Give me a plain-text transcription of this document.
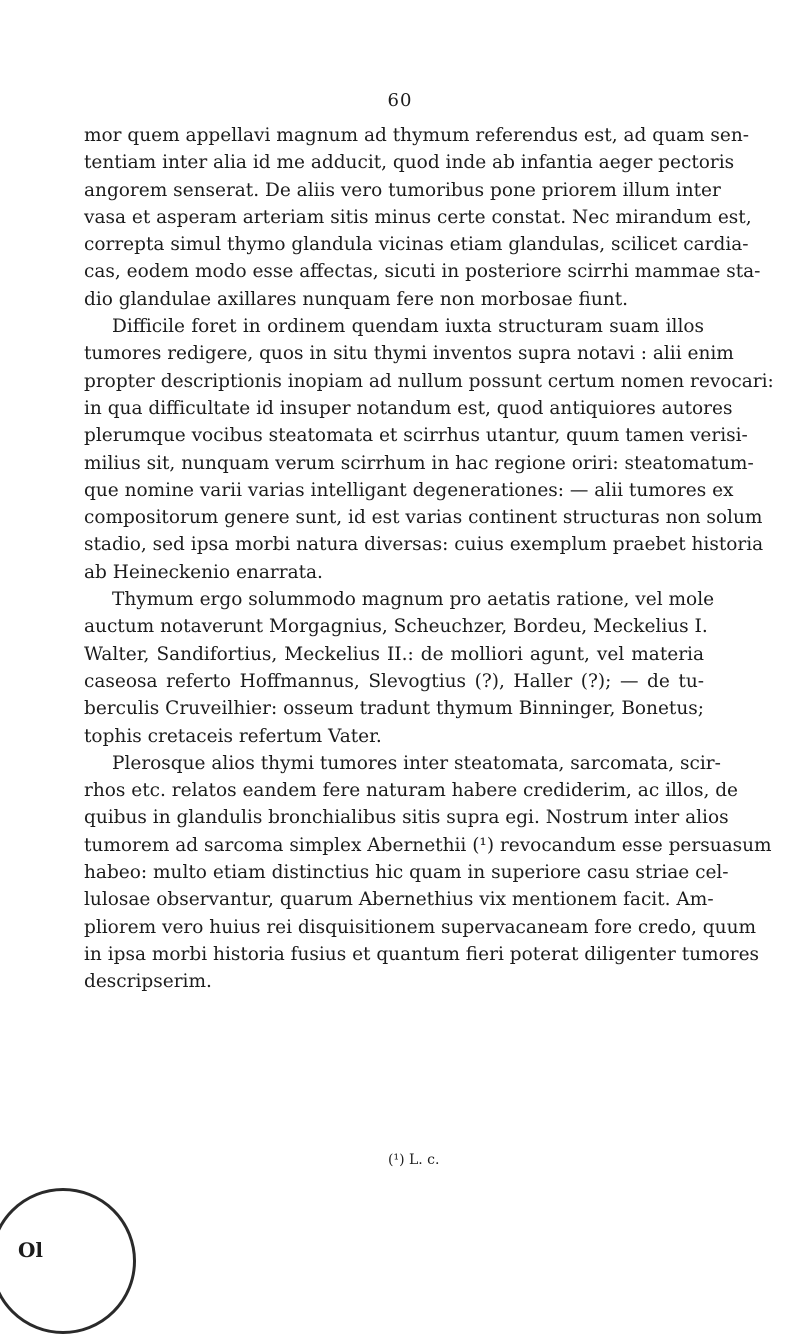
60
mor quem appellavi magnum ad thymum referendus est, ad quam sen-
tentiam inter alia id me adducit, quod inde ab infantia aeger pectoris
angorem senserat. De aliis vero tumoribus pone priorem illum inter
vasa et asperam arteriam sitis minus certe constat. Nec mirandum est,
correpta simul thymo glandula vicinas etiam glandulas, scilicet cardia-
cas, eodem modo esse affectas, sicuti in posteriore scirrhi mammae sta-
dio glandulae axillares nunquam fere non morbosae fiunt.
Difficile foret in ordinem quendam iuxta structuram suam illos
tumores redigere, quos in situ thymi inventos supra notavi : alii enim
propter descriptionis inopiam ad nullum possunt certum nomen revocari:
in qua difficultate id insuper notandum est, quod antiquiores autores
plerumque vocibus steatomata et scirrhus utantur, quum tamen verisi-
milius sit, nunquam verum scirrhum in hac regione oriri: steatomatum-
que nomine varii varias intelligant degenerationes: — alii tumores ex
compositorum genere sunt, id est varias continent structuras non solum
stadio, sed ipsa morbi natura diversas: cuius exemplum praebet historia
ab Heineckenio enarrata.
Thymum ergo solummodo magnum pro aetatis ratione, vel mole
auctum notaverunt Morgagnius, Scheuchzer, Bordeu, Meckelius I.
Walter, Sandifortius, Meckelius II.: de molliori agunt, vel materia
caseosa referto Hoffmannus, Slevogtius (?), Haller (?); — de tu-
berculis Cruveilhier: osseum tradunt thymum Binninger, Bonetus;
tophis cretaceis refertum Vater.
Plerosque alios thymi tumores inter steatomata, sarcomata, scir-
rhos etc. relatos eandem fere naturam habere crediderim, ac illos, de
quibus in glandulis bronchialibus sitis supra egi. Nostrum inter alios
tumorem ad sarcoma simplex Abernethii (¹) revocandum esse persuasum
habeo: multo etiam distinctius hic quam in superiore casu striae cel-
lulosae observantur, quarum Abernethius vix mentionem facit. Am-
pliorem vero huius rei disquisitionem supervacaneam fore credo, quum
in ipsa morbi historia fusius et quantum fieri poterat diligenter tumores
descripserim.
(¹) L. c.
Ol
